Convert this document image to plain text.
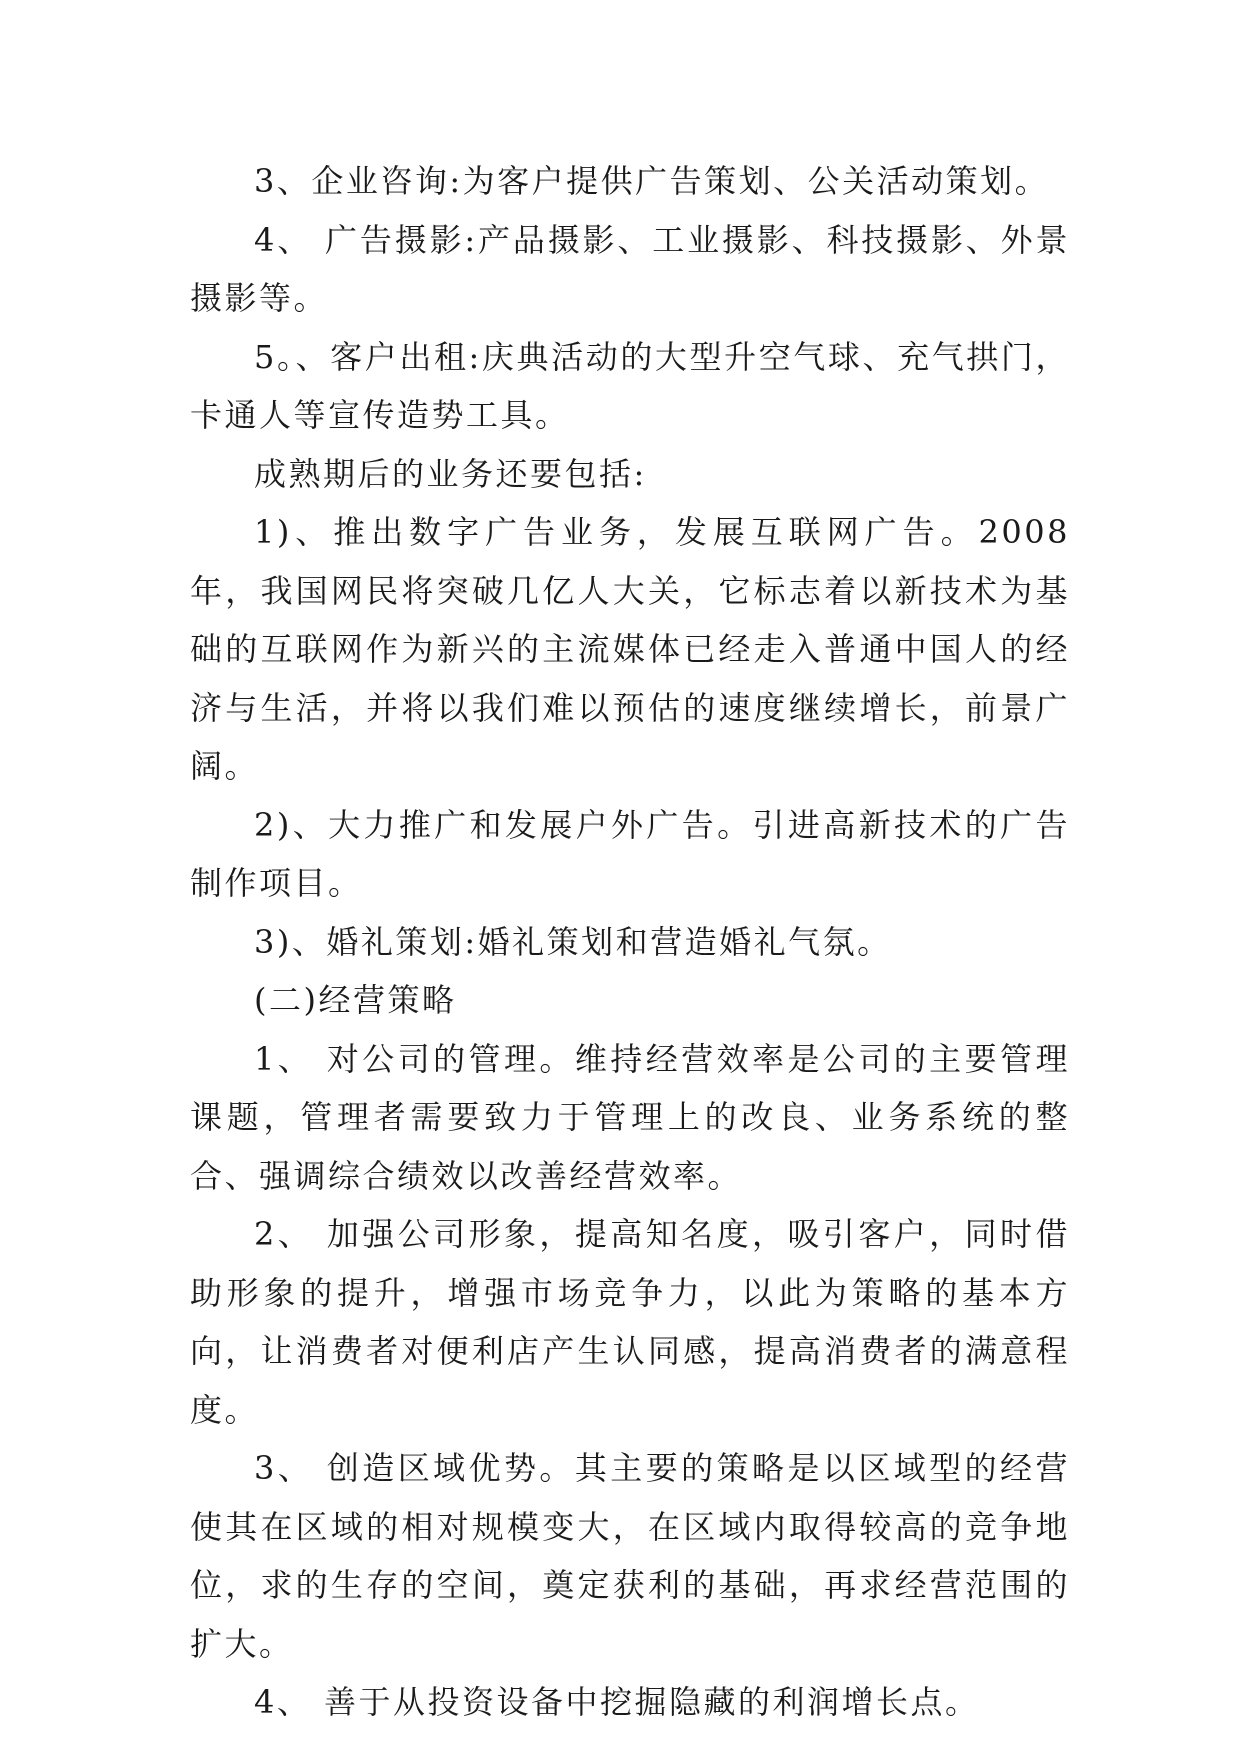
3、企业咨询:为客户提供广告策划、公关活动策划。

4、 广告摄影:产品摄影、工业摄影、科技摄影、外景摄影等。

5。、客户出租:庆典活动的大型升空气球、充气拱门，卡通人等宣传造势工具。

成熟期后的业务还要包括:

1)、推出数字广告业务，发展互联网广告。2008 年，我国网民将突破几亿人大关，它标志着以新技术为基础的互联网作为新兴的主流媒体已经走入普通中国人的经济与生活，并将以我们难以预估的速度继续增长，前景广阔。

2)、大力推广和发展户外广告。引进高新技术的广告制作项目。

3)、婚礼策划:婚礼策划和营造婚礼气氛。

(二)经营策略

1、 对公司的管理。维持经营效率是公司的主要管理课题，管理者需要致力于管理上的改良、业务系统的整合、强调综合绩效以改善经营效率。

2、 加强公司形象，提高知名度，吸引客户，同时借助形象的提升，增强市场竞争力，以此为策略的基本方向，让消费者对便利店产生认同感，提高消费者的满意程度。

3、 创造区域优势。其主要的策略是以区域型的经营使其在区域的相对规模变大，在区域内取得较高的竞争地位，求的生存的空间，奠定获利的基础，再求经营范围的扩大。

4、 善于从投资设备中挖掘隐藏的利润增长点。
